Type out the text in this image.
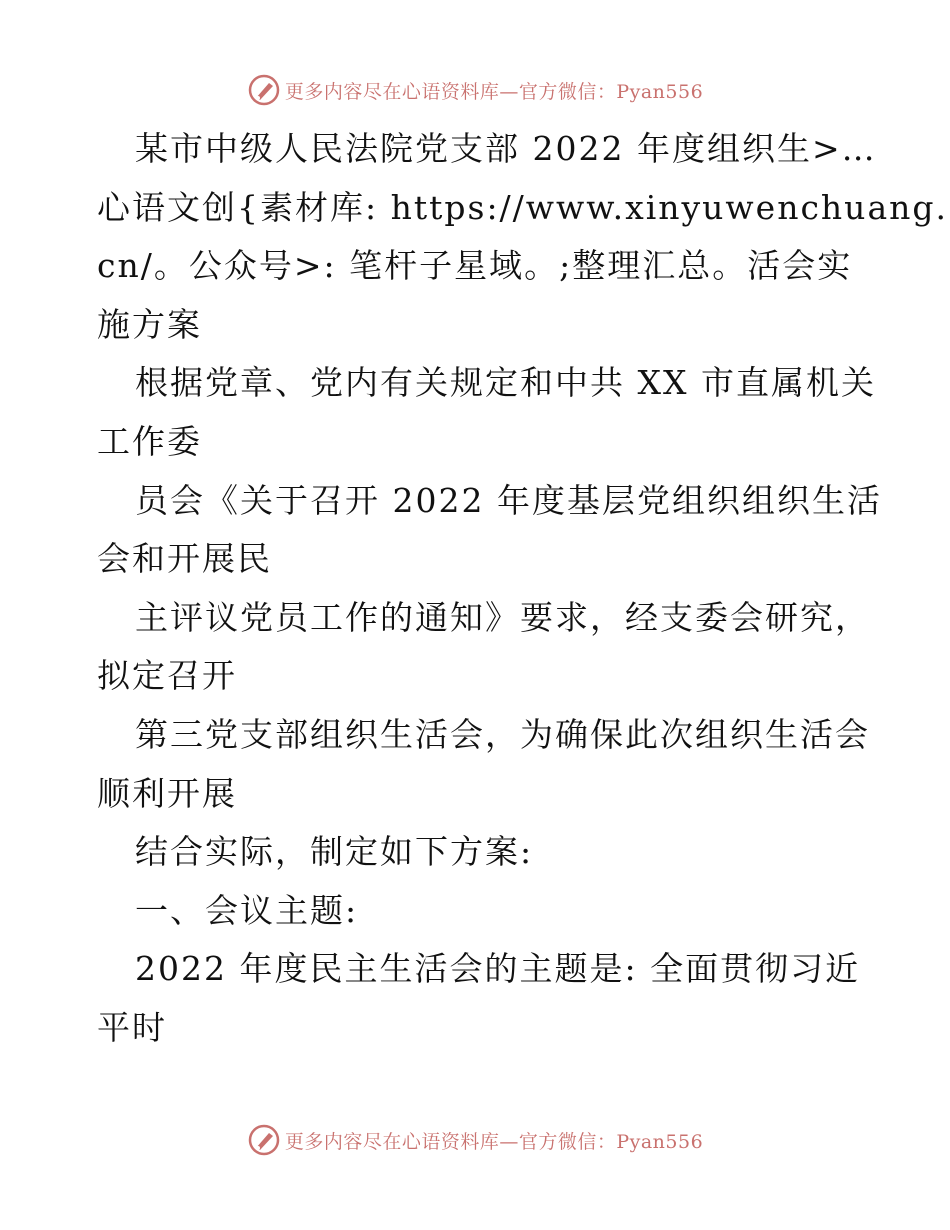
更多内容尽在心语资料库—官方微信：Pyan556
某市中级人民法院党支部 2022 年度组织生>…
心语文创{素材库: https://www.xinyuwenchuang.
cn/。公众号>: 笔杆子星域。;整理汇总。活会实
施方案
根据党章、党内有关规定和中共 XX 市直属机关
工作委
员会《关于召开 2022 年度基层党组织组织生活
会和开展民
主评议党员工作的通知》要求，经支委会研究，
拟定召开
第三党支部组织生活会，为确保此次组织生活会
顺利开展
结合实际，制定如下方案:
一、会议主题:
2022 年度民主生活会的主题是: 全面贯彻习近
平时
更多内容尽在心语资料库—官方微信：Pyan556
